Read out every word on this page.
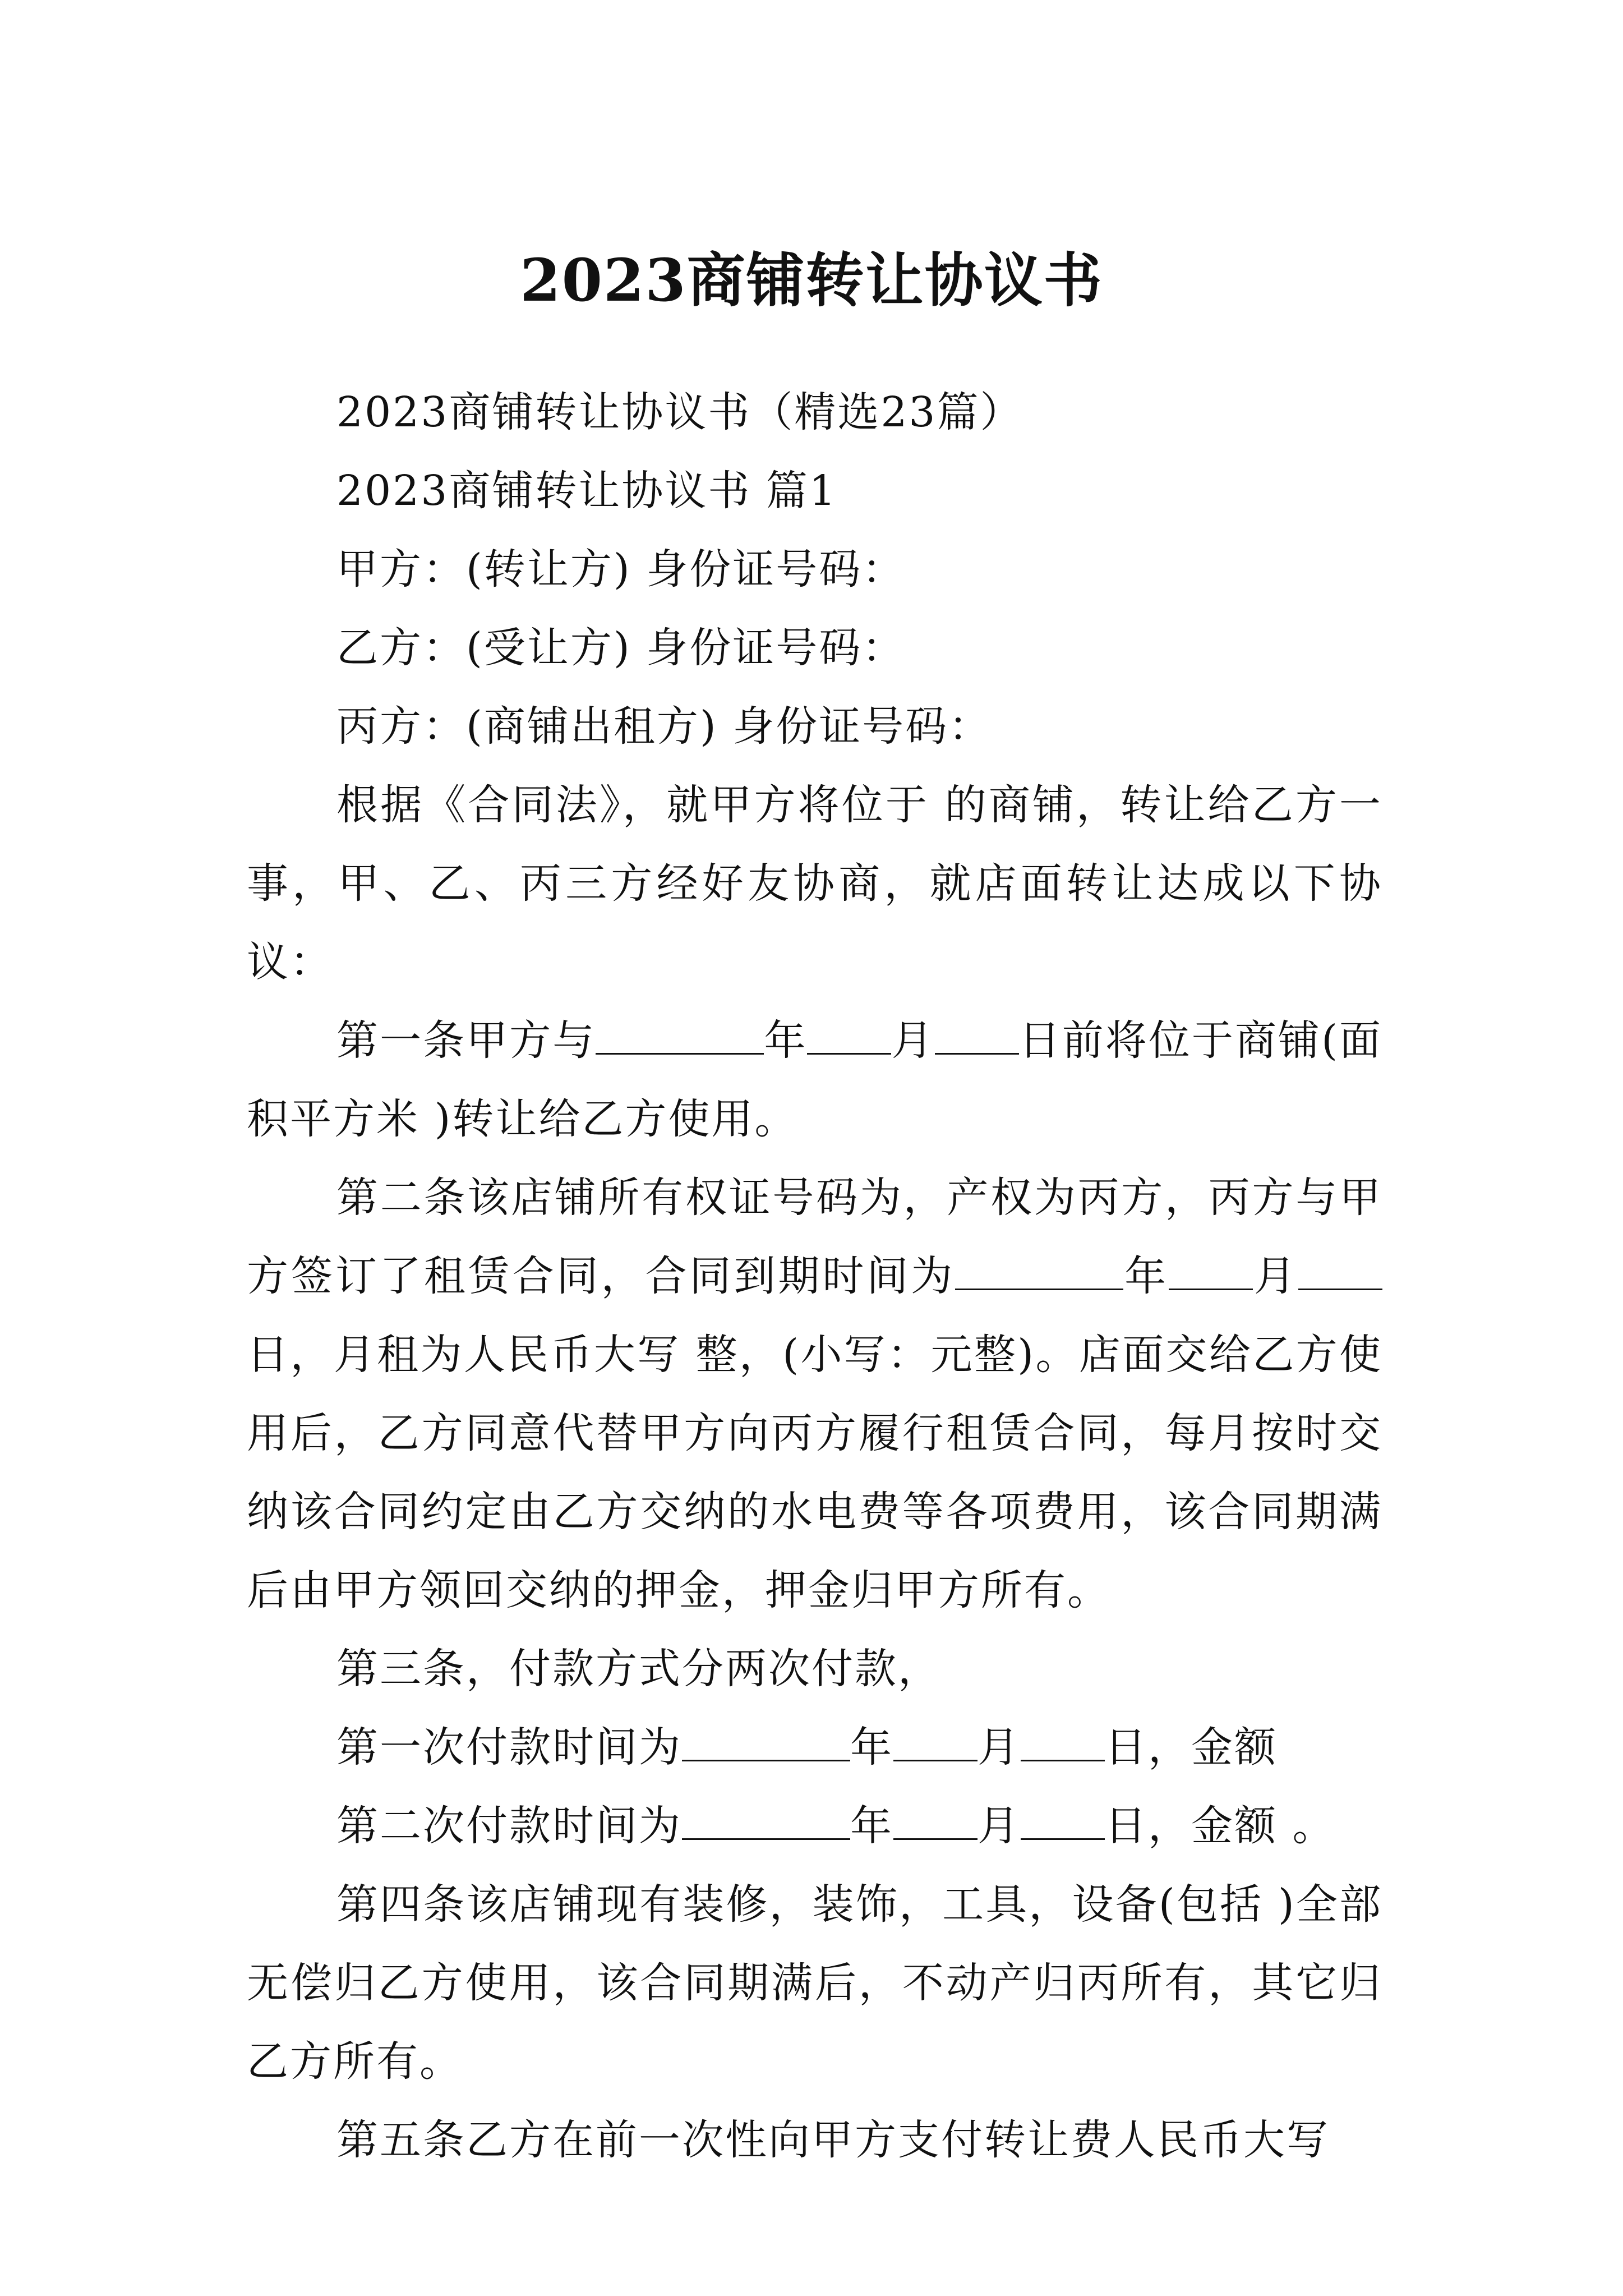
2023商铺转让协议书

2023商铺转让协议书（精选23篇）

2023商铺转让协议书 篇1

甲方：(转让方) 身份证号码：

乙方：(受让方) 身份证号码：

丙方：(商铺出租方) 身份证号码：

根据《合同法》，就甲方将位于 的商铺，转让给乙方一事，甲、乙、丙三方经好友协商，就店面转让达成以下协议：

第一条甲方与	年 月 日前将位于商铺(面积平方米 )转让给乙方使用。

第二条该店铺所有权证号码为，产权为丙方，丙方与甲方签订了租赁合同，合同到期时间为	年 月日，月租为人民币大写 整，(小写：元整)。店面交给乙方使用后，乙方同意代替甲方向丙方履行租赁合同，每月按时交纳该合同约定由乙方交纳的水电费等各项费用，该合同期满后由甲方领回交纳的押金，押金归甲方所有。

第三条，付款方式分两次付款，

第一次付款时间为	年 月 日，金额

第二次付款时间为	年 月 日，金额 。

第四条该店铺现有装修，装饰，工具，设备(包括 )全部无偿归乙方使用，该合同期满后，不动产归丙所有，其它归乙方所有。

第五条乙方在前一次性向甲方支付转让费人民币大写
